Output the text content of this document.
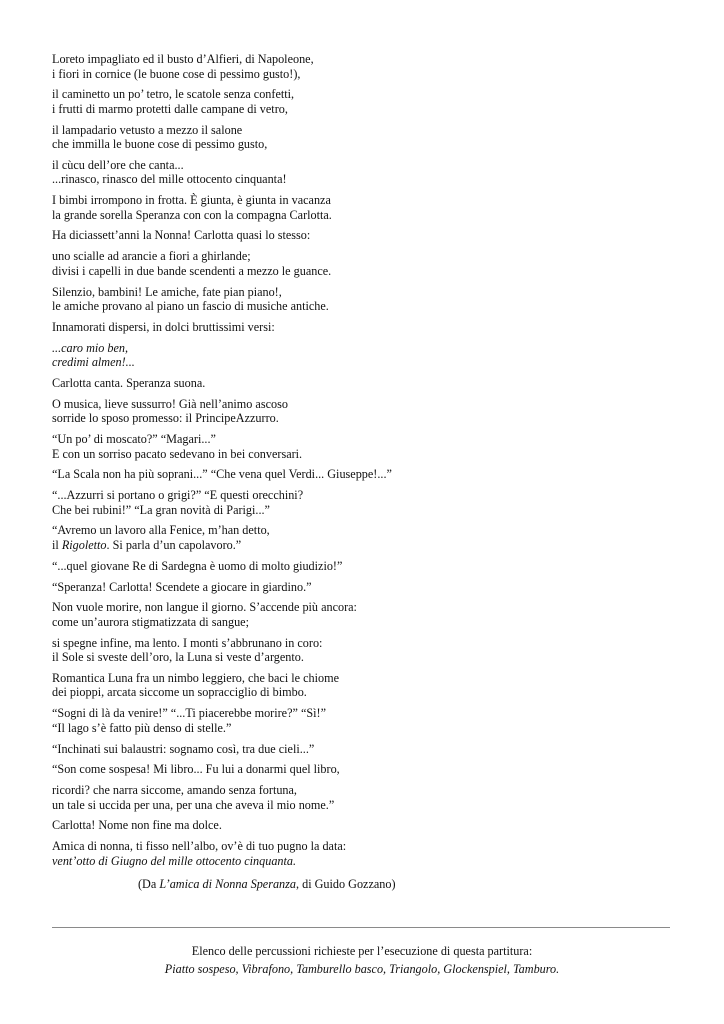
Loreto impagliato ed il busto d’Alfieri, di Napoleone,
i fiori in cornice (le buone cose di pessimo gusto!),
il caminetto un po’ tetro, le scatole senza confetti,
i frutti di marmo protetti dalle campane di vetro,
il lampadario vetusto a mezzo il salone
che immilla le buone cose di pessimo gusto,
il cùcu dell’ore che canta...
...rinasco, rinasco del mille ottocento cinquanta!
I bimbi irrompono in frotta. È giunta, è giunta in vacanza
la grande sorella Speranza con con la compagna Carlotta.
Ha diciassett’anni la Nonna! Carlotta quasi lo stesso:
uno scialle ad arancie a fiori a ghirlande;
divisi i capelli in due bande scendenti a mezzo le guance.
Silenzio, bambini! Le amiche, fate pian piano!,
le amiche provano al piano un fascio di musiche antiche.
Innamorati dispersi, in dolci bruttissimi versi:
...caro mio ben,
credimi almen!...
Carlotta canta. Speranza suona.
O musica, lieve sussurro! Già nell’animo ascoso
sorride lo sposo promesso: il PrincipeAzzurro.
“Un po’ di moscato?” “Magari...”
E con un sorriso pacato sedevano in bei conversari.
“La Scala non ha più soprani...” “Che vena quel Verdi... Giuseppe!...”
“...Azzurri si portano o grigi?” “E questi orecchini?
Che bei rubini!” “La gran novità di Parigi...”
“Avremo un lavoro alla Fenice, m’han detto,
il Rigoletto. Si parla d’un capolavoro.”
“...quel giovane Re di Sardegna è uomo di molto giudizio!”
“Speranza! Carlotta! Scendete a giocare in giardino.”
Non vuole morire, non langue il giorno. S’accende più ancora:
come un’aurora stigmatizzata di sangue;
si spegne infine, ma lento. I monti s’abbrunano in coro:
il Sole si sveste dell’oro, la Luna si veste d’argento.
Romantica Luna fra un nimbo leggiero, che baci le chiome
dei pioppi, arcata siccome un sopracciglio di bimbo.
“Sogni di là da venire!” “...Ti piacerebbe morire?” “Sì!”
“Il lago s’è fatto più denso di stelle.”
“Inchinati sui balaustri: sognamo così, tra due cieli...”
“Son come sospesa! Mi libro... Fu lui a donarmi quel libro,
ricordi? che narra siccome, amando senza fortuna,
un tale si uccida per una, per una che aveva il mio nome.”
Carlotta! Nome non fine ma dolce.
Amica di nonna, ti fisso nell’albo, ov’è di tuo pugno la data:
vent’otto di Giugno del mille ottocento cinquanta.
(Da L’amica di Nonna Speranza, di Guido Gozzano)
Elenco delle percussioni richieste per l’esecuzione di questa partitura:
Piatto sospeso, Vibrafono, Tamburello basco, Triangolo, Glockenspiel, Tamburo.
